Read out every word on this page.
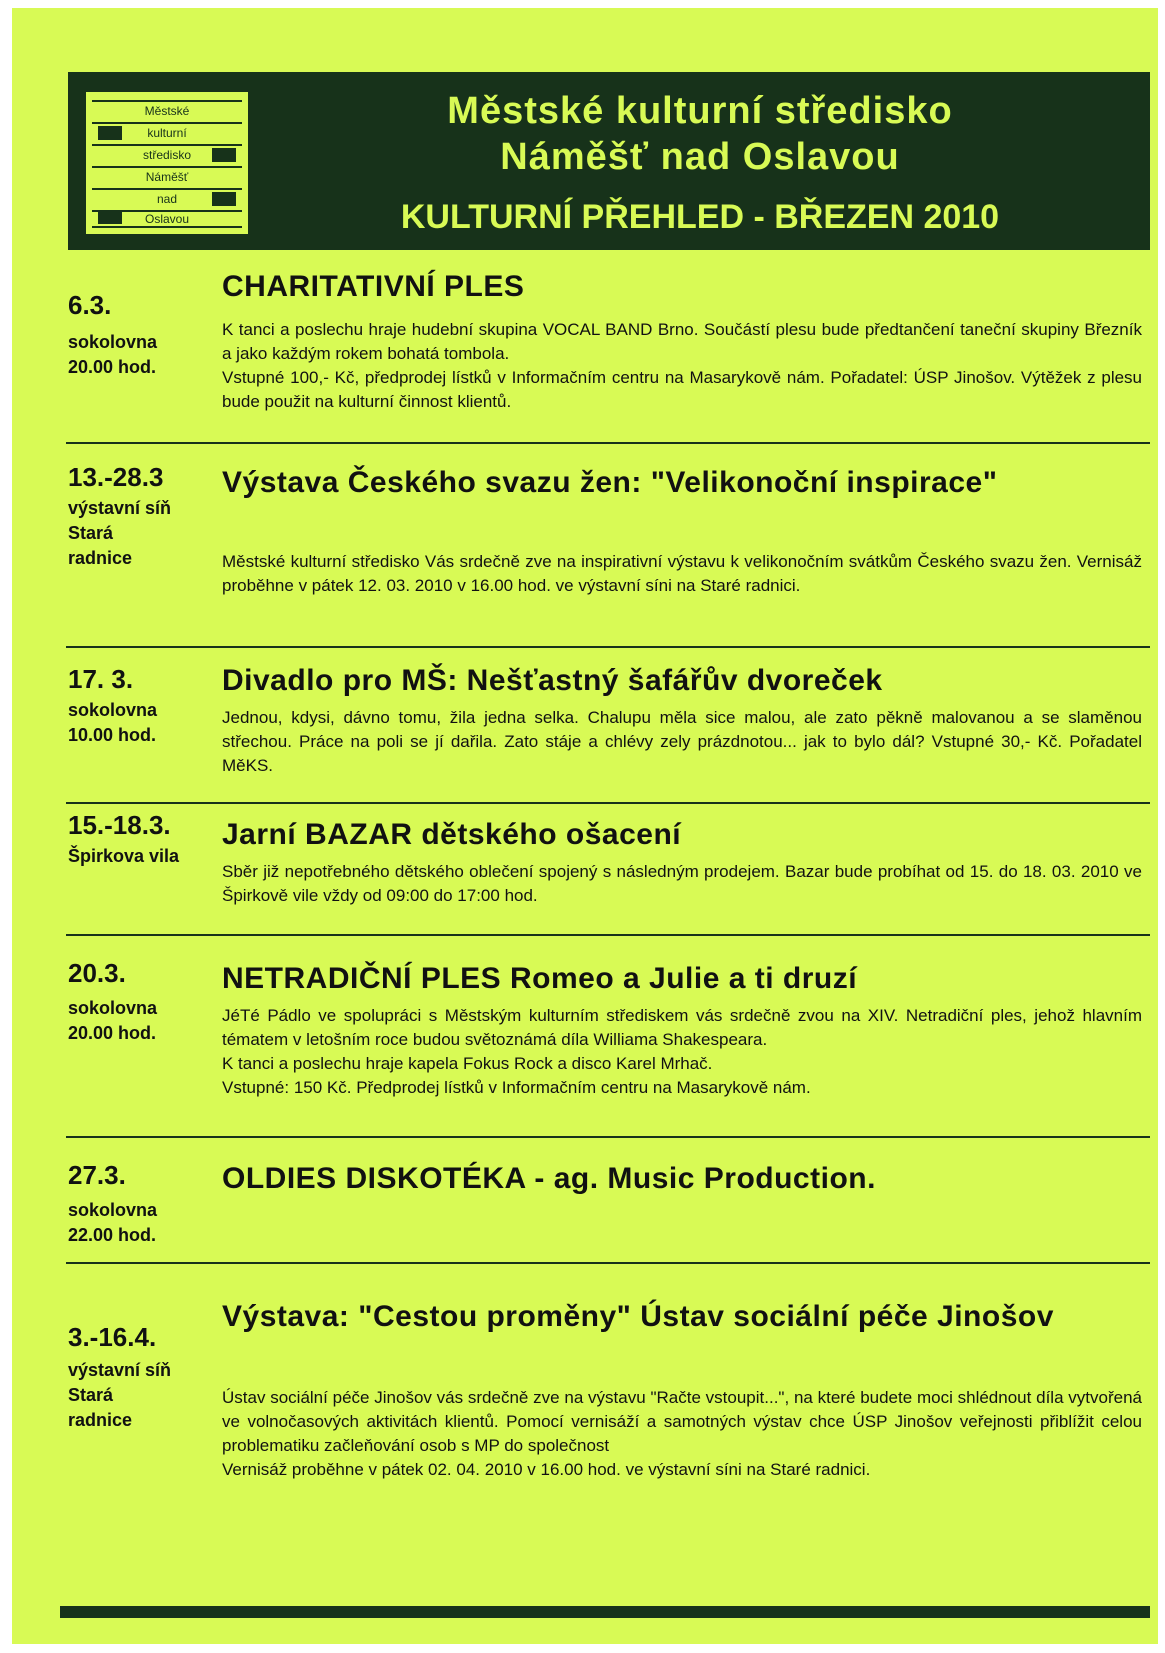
Městské
kulturní
středisko
Náměšť
nad
Oslavou
Městské kulturní středisko
Náměšť nad Oslavou
KULTURNÍ PŘEHLED - BŘEZEN 2010
6.3.
sokolovna
20.00 hod.
CHARITATIVNÍ PLES

K tanci a poslechu hraje hudební skupina VOCAL BAND Brno. Součástí plesu bude předtančení taneční skupiny Březník a jako každým rokem bohatá tombola.

Vstupné 100,- Kč, předprodej lístků v Informačním centru na Masarykově nám. Pořadatel: ÚSP Jinošov. Výtěžek z plesu bude použit na kulturní činnost klientů.

13.-28.3
výstavní síň
Stará
radnice
Výstava Českého svazu žen: "Velikonoční inspirace"

Městské kulturní středisko Vás srdečně zve na inspirativní výstavu k velikonočním svátkům Českého svazu žen. Vernisáž proběhne v pátek 12. 03. 2010 v 16.00 hod. ve výstavní síni na Staré radnici.

17. 3.
sokolovna
10.00 hod.
Divadlo pro MŠ: Nešťastný šafářův dvoreček

Jednou, kdysi, dávno tomu, žila jedna selka. Chalupu měla sice malou, ale zato pěkně malovanou a se slaměnou střechou. Práce na poli se jí dařila. Zato stáje a chlévy zely prázdnotou... jak to bylo dál? Vstupné 30,- Kč. Pořadatel MěKS.

15.-18.3.
Špirkova vila
Jarní BAZAR dětského ošacení

Sběr již nepotřebného dětského oblečení spojený s následným prodejem. Bazar bude probíhat od 15. do 18. 03. 2010 ve Špirkově vile vždy od 09:00 do 17:00 hod.

20.3.
sokolovna
20.00 hod.
NETRADIČNÍ PLES Romeo a Julie a ti druzí

JéTé Pádlo ve spolupráci s Městským kulturním střediskem vás srdečně zvou na XIV. Netradiční ples, jehož hlavním tématem v letošním roce budou světoznámá díla Williama Shakespeara.

K tanci a poslechu hraje kapela Fokus Rock a disco Karel Mrhač.

Vstupné: 150 Kč. Předprodej lístků v Informačním centru na Masarykově nám.

27.3.
sokolovna
22.00 hod.
OLDIES DISKOTÉKA - ag. Music Production.
3.-16.4.
výstavní síň
Stará
radnice
Výstava: "Cestou proměny" Ústav sociální péče Jinošov

Ústav sociální péče Jinošov vás srdečně zve na výstavu "Račte vstoupit...", na které budete moci shlédnout díla vytvořená ve volnočasových aktivitách klientů. Pomocí vernisáží a samotných výstav chce ÚSP Jinošov veřejnosti přiblížit celou problematiku začleňování osob s MP do společnost

Vernisáž proběhne v pátek 02. 04. 2010 v 16.00 hod. ve výstavní síni na Staré radnici.
